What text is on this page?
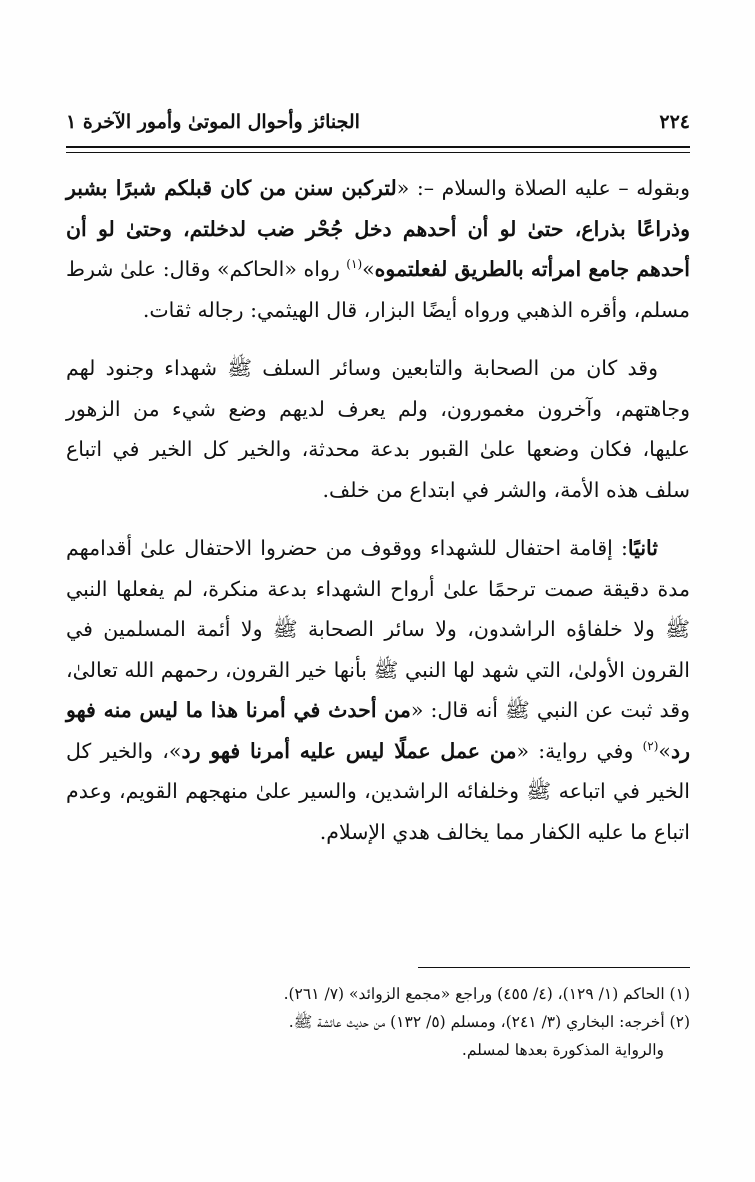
٢٢٤
الجنائز وأحوال الموتىٰ وأمور الآخرة ١

وبقوله – عليه الصلاة والسلام –: «لتركبن سنن من كان قبلكم شبرًا بشبر وذراعًا بذراع، حتىٰ لو أن أحدهم دخل جُحْر ضب لدخلتم، وحتىٰ لو أن أحدهم جامع امرأته بالطريق لفعلتموه»$^{(١)}$ رواه «الحاكم» وقال: علىٰ شرط مسلم، وأقره الذهبي ورواه أيضًا البزار، قال الهيثمي: رجاله ثقات.

وقد كان من الصحابة والتابعين وسائر السلف ﷺ شهداء وجنود لهم وجاهتهم، وآخرون مغمورون، ولم يعرف لديهم وضع شيء من الزهور عليها، فكان وضعها علىٰ القبور بدعة محدثة، والخير كل الخير في اتباع سلف هذه الأمة، والشر في ابتداع من خلف.

ثانيًا: إقامة احتفال للشهداء ووقوف من حضروا الاحتفال علىٰ أقدامهم مدة دقيقة صمت ترحمًا علىٰ أرواح الشهداء بدعة منكرة، لم يفعلها النبي ﷺ ولا خلفاؤه الراشدون، ولا سائر الصحابة ﷺ ولا أئمة المسلمين في القرون الأولىٰ، التي شهد لها النبي ﷺ بأنها خير القرون، رحمهم الله تعالىٰ، وقد ثبت عن النبي ﷺ أنه قال: «من أحدث في أمرنا هذا ما ليس منه فهو رد»$^{(٢)}$ وفي رواية: «من عمل عملًا ليس عليه أمرنا فهو رد»، والخير كل الخير في اتباعه ﷺ وخلفائه الراشدين، والسير علىٰ منهجهم القويم، وعدم اتباع ما عليه الكفار مما يخالف هدي الإسلام.

(١) الحاكم (١/ ١٢٩)، (٤/ ٤٥٥) وراجع «مجمع الزوائد» (٧/ ٢٦١).

(٢) أخرجه: البخاري (٣/ ٢٤١)، ومسلم (٥/ ١٣٢) من حديث عائشة ﷺ.

والرواية المذكورة بعدها لمسلم.
